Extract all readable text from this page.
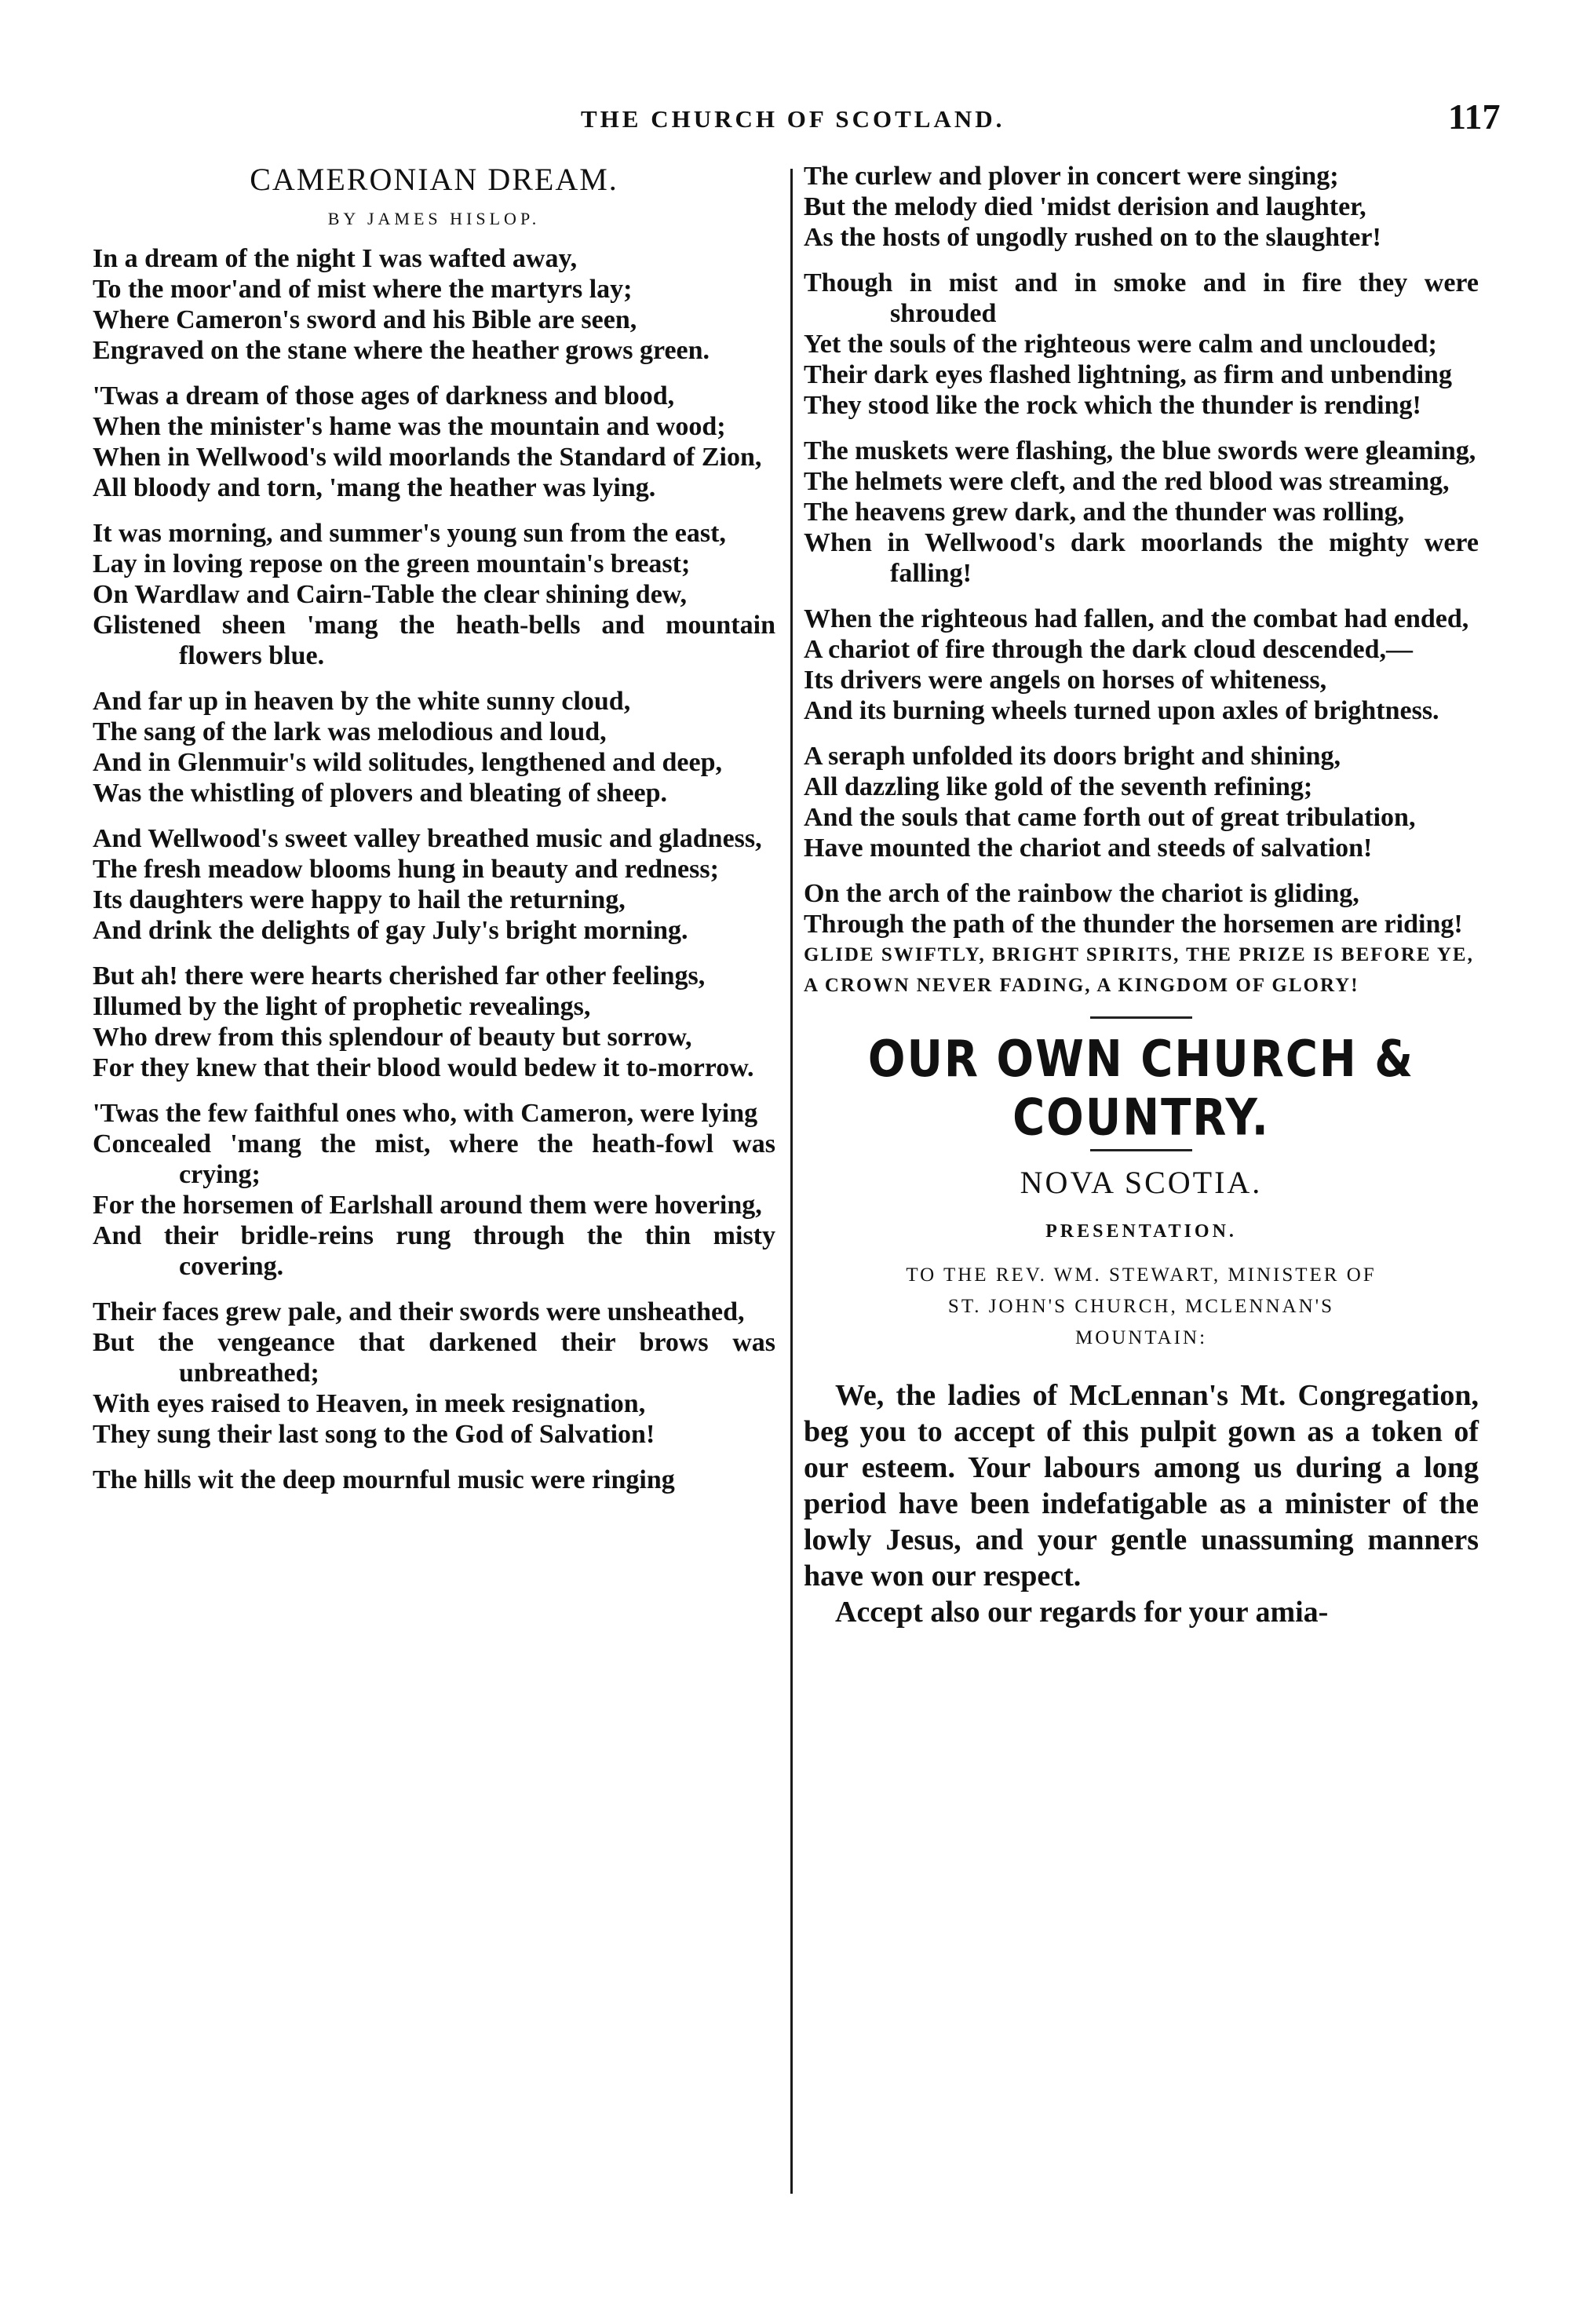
THE CHURCH OF SCOTLAND.	117
CAMERONIAN DREAM.
BY JAMES HISLOP.
In a dream of the night I was wafted away,
To the moor'and of mist where the martyrs lay;
Where Cameron's sword and his Bible are seen,
Engraved on the stane where the heather grows green.
'Twas a dream of those ages of darkness and blood,
When the minister's hame was the mountain and wood;
When in Wellwood's wild moorlands the Standard of Zion,
All bloody and torn, 'mang the heather was lying.
It was morning, and summer's young sun from the east,
Lay in loving repose on the green mountain's breast;
On Wardlaw and Cairn-Table the clear shining dew,
Glistened sheen 'mang the heath-bells and mountain flowers blue.
And far up in heaven by the white sunny cloud,
The sang of the lark was melodious and loud,
And in Glenmuir's wild solitudes, lengthened and deep,
Was the whistling of plovers and bleating of sheep.
And Wellwood's sweet valley breathed music and gladness,
The fresh meadow blooms hung in beauty and redness;
Its daughters were happy to hail the returning,
And drink the delights of gay July's bright morning.
But ah! there were hearts cherished far other feelings,
Illumed by the light of prophetic revealings,
Who drew from this splendour of beauty but sorrow,
For they knew that their blood would bedew it to-morrow.
'Twas the few faithful ones who, with Cameron, were lying
Concealed 'mang the mist, where the heath-fowl was crying;
For the horsemen of Earlshall around them were hovering,
And their bridle-reins rung through the thin misty covering.
Their faces grew pale, and their swords were unsheathed,
But the vengeance that darkened their brows was unbreathed;
With eyes raised to Heaven, in meek resignation,
They sung their last song to the God of Salvation!
The hills wit the deep mournful music were ringing
The curlew and plover in concert were singing;
But the melody died 'midst derision and laughter,
As the hosts of ungodly rushed on to the slaughter!
Though in mist and in smoke and in fire they were shrouded
Yet the souls of the righteous were calm and unclouded;
Their dark eyes flashed lightning, as firm and unbending
They stood like the rock which the thunder is rending!
The muskets were flashing, the blue swords were gleaming,
The helmets were cleft, and the red blood was streaming,
The heavens grew dark, and the thunder was rolling,
When in Wellwood's dark moorlands the mighty were falling!
When the righteous had fallen, and the combat had ended,
A chariot of fire through the dark cloud descended,—
Its drivers were angels on horses of whiteness,
And its burning wheels turned upon axles of brightness.
A seraph unfolded its doors bright and shining,
All dazzling like gold of the seventh refining;
And the souls that came forth out of great tribulation,
Have mounted the chariot and steeds of salvation!
On the arch of the rainbow the chariot is gliding,
Through the path of the thunder the horsemen are riding!
GLIDE SWIFTLY, BRIGHT SPIRITS, THE PRIZE IS BEFORE YE,
A CROWN NEVER FADING, A KINGDOM OF GLORY!
OUR OWN CHURCH & COUNTRY.
NOVA SCOTIA.
PRESENTATION.
TO THE REV. WM. STEWART, MINISTER OF
ST. JOHN'S CHURCH, MCLENNAN'S
MOUNTAIN:

We, the ladies of McLennan's Mt. Congregation, beg you to accept of this pulpit gown as a token of our esteem. Your labours among us during a long period have been indefatigable as a minister of the lowly Jesus, and your gentle unassuming manners have won our respect.

Accept also our regards for your amia-
